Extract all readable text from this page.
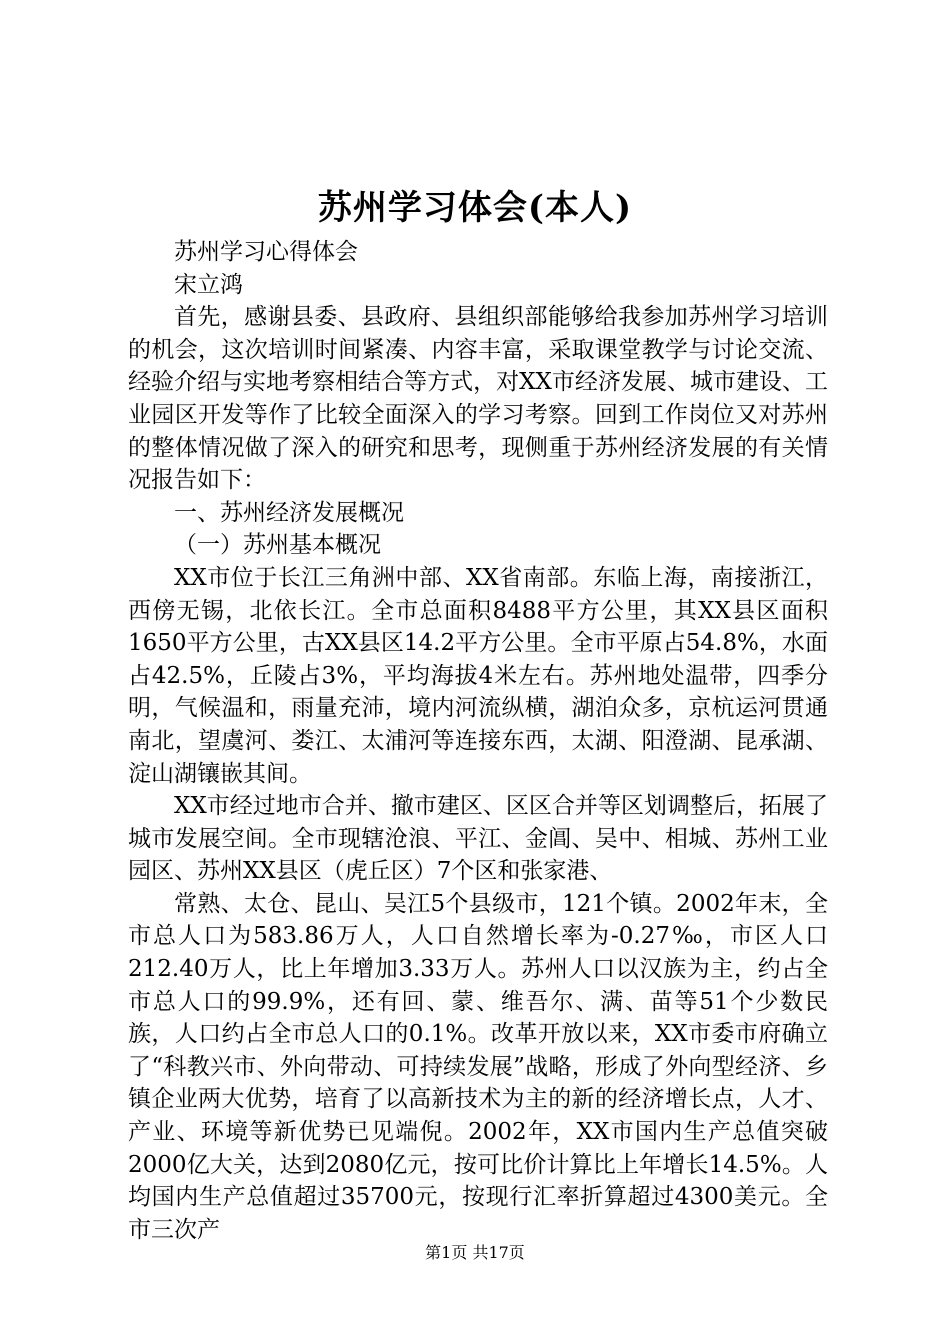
苏州学习体会(本人)

苏州学习心得体会

宋立鸿

首先，感谢县委、县政府、县组织部能够给我参加苏州学习培训的机会，这次培训时间紧凑、内容丰富，采取课堂教学与讨论交流、经验介绍与实地考察相结合等方式，对XX市经济发展、城市建设、工业园区开发等作了比较全面深入的学习考察。回到工作岗位又对苏州的整体情况做了深入的研究和思考，现侧重于苏州经济发展的有关情况报告如下：

一、苏州经济发展概况

（一）苏州基本概况

XX市位于长江三角洲中部、XX省南部。东临上海，南接浙江，西傍无锡，北依长江。全市总面积8488平方公里，其XX县区面积1650平方公里，古XX县区14.2平方公里。全市平原占54.8%，水面占42.5%，丘陵占3%，平均海拔4米左右。苏州地处温带，四季分明，气候温和，雨量充沛，境内河流纵横，湖泊众多，京杭运河贯通南北，望虞河、娄江、太浦河等连接东西，太湖、阳澄湖、昆承湖、淀山湖镶嵌其间。

XX市经过地市合并、撤市建区、区区合并等区划调整后，拓展了城市发展空间。全市现辖沧浪、平江、金阊、吴中、相城、苏州工业园区、苏州XX县区（虎丘区）7个区和张家港、

常熟、太仓、昆山、吴江5个县级市，121个镇。2002年末，全市总人口为583.86万人，人口自然增长率为-0.27‰，市区人口212.40万人，比上年增加3.33万人。苏州人口以汉族为主，约占全市总人口的99.9%，还有回、蒙、维吾尔、满、苗等51个少数民族，人口约占全市总人口的0.1%。改革开放以来，XX市委市府确立了“科教兴市、外向带动、可持续发展”战略，形成了外向型经济、乡镇企业两大优势，培育了以高新技术为主的新的经济增长点，人才、产业、环境等新优势已见端倪。2002年，XX市国内生产总值突破2000亿大关，达到2080亿元，按可比价计算比上年增长14.5%。人均国内生产总值超过35700元，按现行汇率折算超过4300美元。全市三次产

第1页 共17页
